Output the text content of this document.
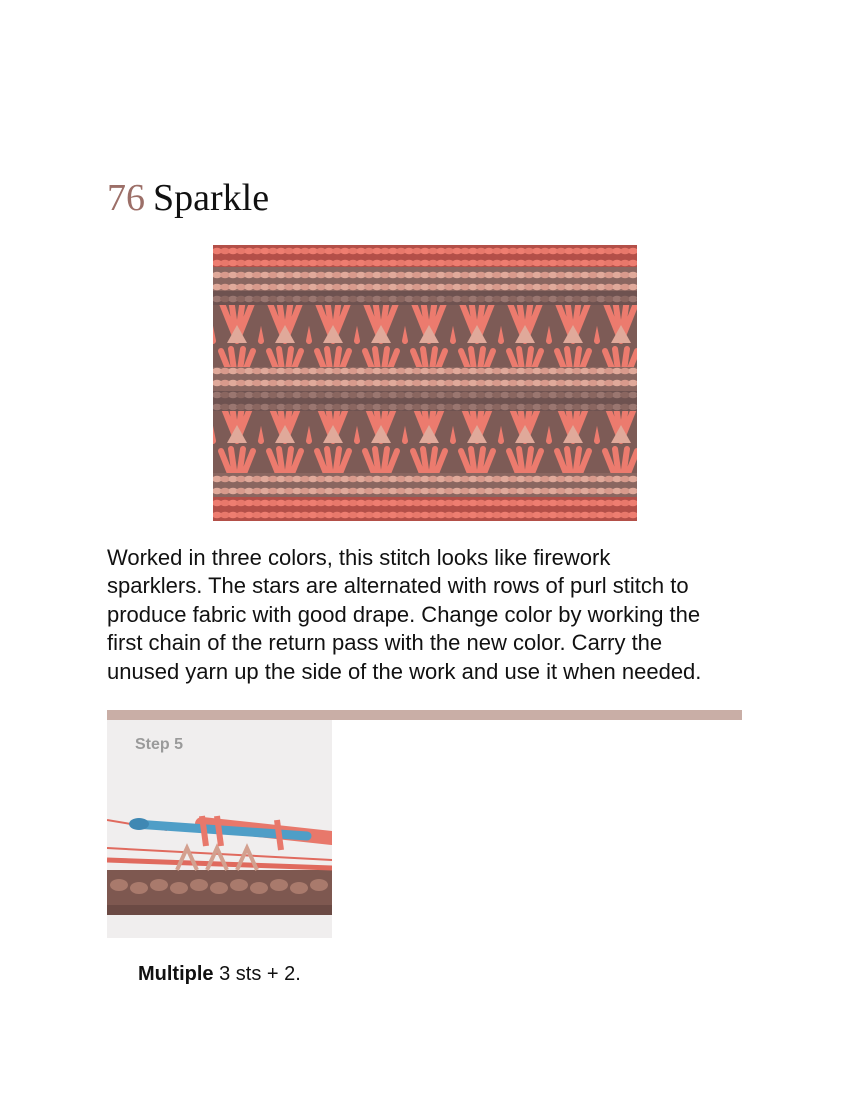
76 Sparkle
Worked in three colors, this stitch looks like firework
sparklers. The stars are alternated with rows of purl stitch to
produce fabric with good drape. Change color by working the
first chain of the return pass with the new color. Carry the
unused yarn up the side of the work and use it when needed.
Step 5
Multiple 3 sts + 2.
